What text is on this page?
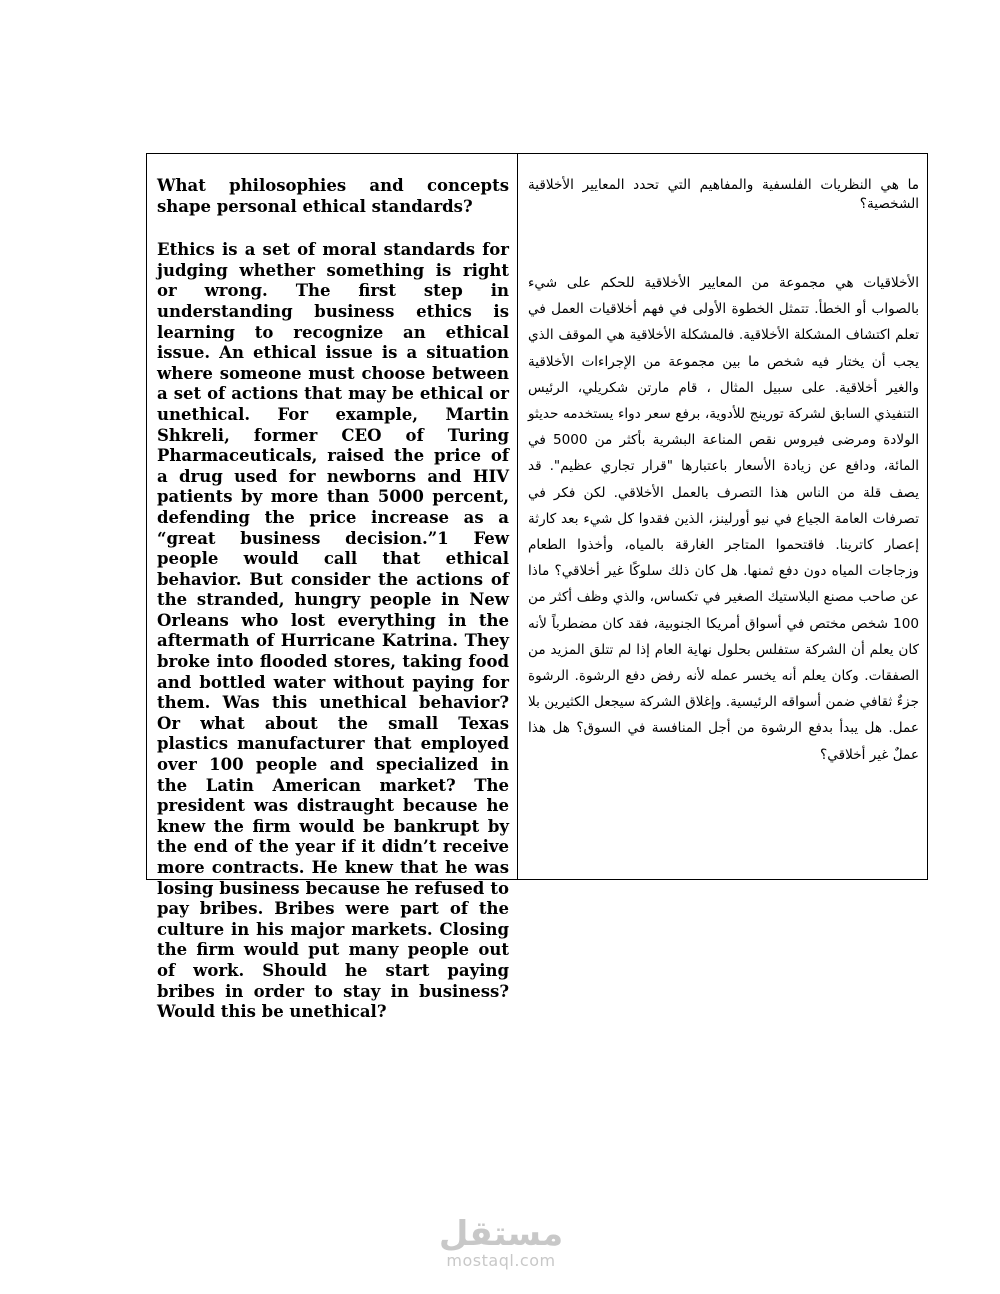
What philosophies and concepts shape personal ethical standards?

Ethics is a set of moral standards for judging whether something is right or wrong. The first step in understanding business ethics is learning to recognize an ethical issue. An ethical issue is a situation where someone must choose between a set of actions that may be ethical or unethical. For example, Martin Shkreli, former CEO of Turing Pharmaceuticals, raised the price of a drug used for newborns and HIV patients by more than 5000 percent, defending the price increase as a “great business decision.”1 Few people would call that ethical behavior. But consider the actions of the stranded, hungry people in New Orleans who lost everything in the aftermath of Hurricane Katrina. They broke into flooded stores, taking food and bottled water without paying for them. Was this unethical behavior? Or what about the small Texas plastics manufacturer that employed over 100 people and specialized in the Latin American market? The president was distraught because he knew the firm would be bankrupt by the end of the year if it didn’t receive more contracts. He knew that he was losing business because he refused to pay bribes. Bribes were part of the culture in his major markets. Closing the firm would put many people out of work. Should he start paying bribes in order to stay in business? Would this be unethical?

ما هي النظريات الفلسفية والمفاهيم التي تحدد المعايير الأخلاقية الشخصية؟

الأخلاقيات هي مجموعة من المعايير الأخلاقية للحكم على شيء بالصواب أو الخطأ. تتمثل الخطوة الأولى في فهم أخلاقيات العمل في تعلم اكتشاف المشكلة الأخلاقية. فالمشكلة الأخلاقية هي الموقف الذي يجب أن يختار فيه شخص ما بين مجموعة من الإجراءات الأخلاقية والغير أخلاقية. على سبيل المثال ، قام مارتن شكريلي، الرئيس التنفيذي السابق لشركة تورينج للأدوية، برفع سعر دواء يستخدمه حديثو الولادة ومرضى فيروس نقص المناعة البشرية بأكثر من 5000 في المائة، ودافع عن زيادة الأسعار باعتبارها "قرار تجاري عظيم". قد يصف قلة من الناس هذا التصرف بالعمل الأخلاقي. لكن فكر في تصرفات العامة الجياع في نيو أورلينز، الذين فقدوا كل شيء بعد كارثة إعصار كاترينا. فاقتحموا المتاجر الغارقة بالمياه، وأخذوا الطعام وزجاجات المياه دون دفع ثمنها. هل كان ذلك سلوكًا غير أخلاقي؟ ماذا عن صاحب مصنع البلاستيك الصغير في تكساس، والذي وظف أكثر من 100 شخص مختص في أسواق أمريكا الجنوبية، فقد كان مضطرباً لأنه كان يعلم أن الشركة ستفلس بحلول نهاية العام إذا لم تتلق المزيد من الصفقات. وكان يعلم أنه يخسر عمله لأنه رفض دفع الرشوة. الرشوة جزءٌ ثقافي ضمن أسواقه الرئيسية. وإغلاق الشركة سيجعل الكثيرين بلا عمل. هل يبدأ بدفع الرشوة من أجل المنافسة في السوق؟ هل هذا عملٌ غير أخلاقي؟

مستقل
mostaql.com
